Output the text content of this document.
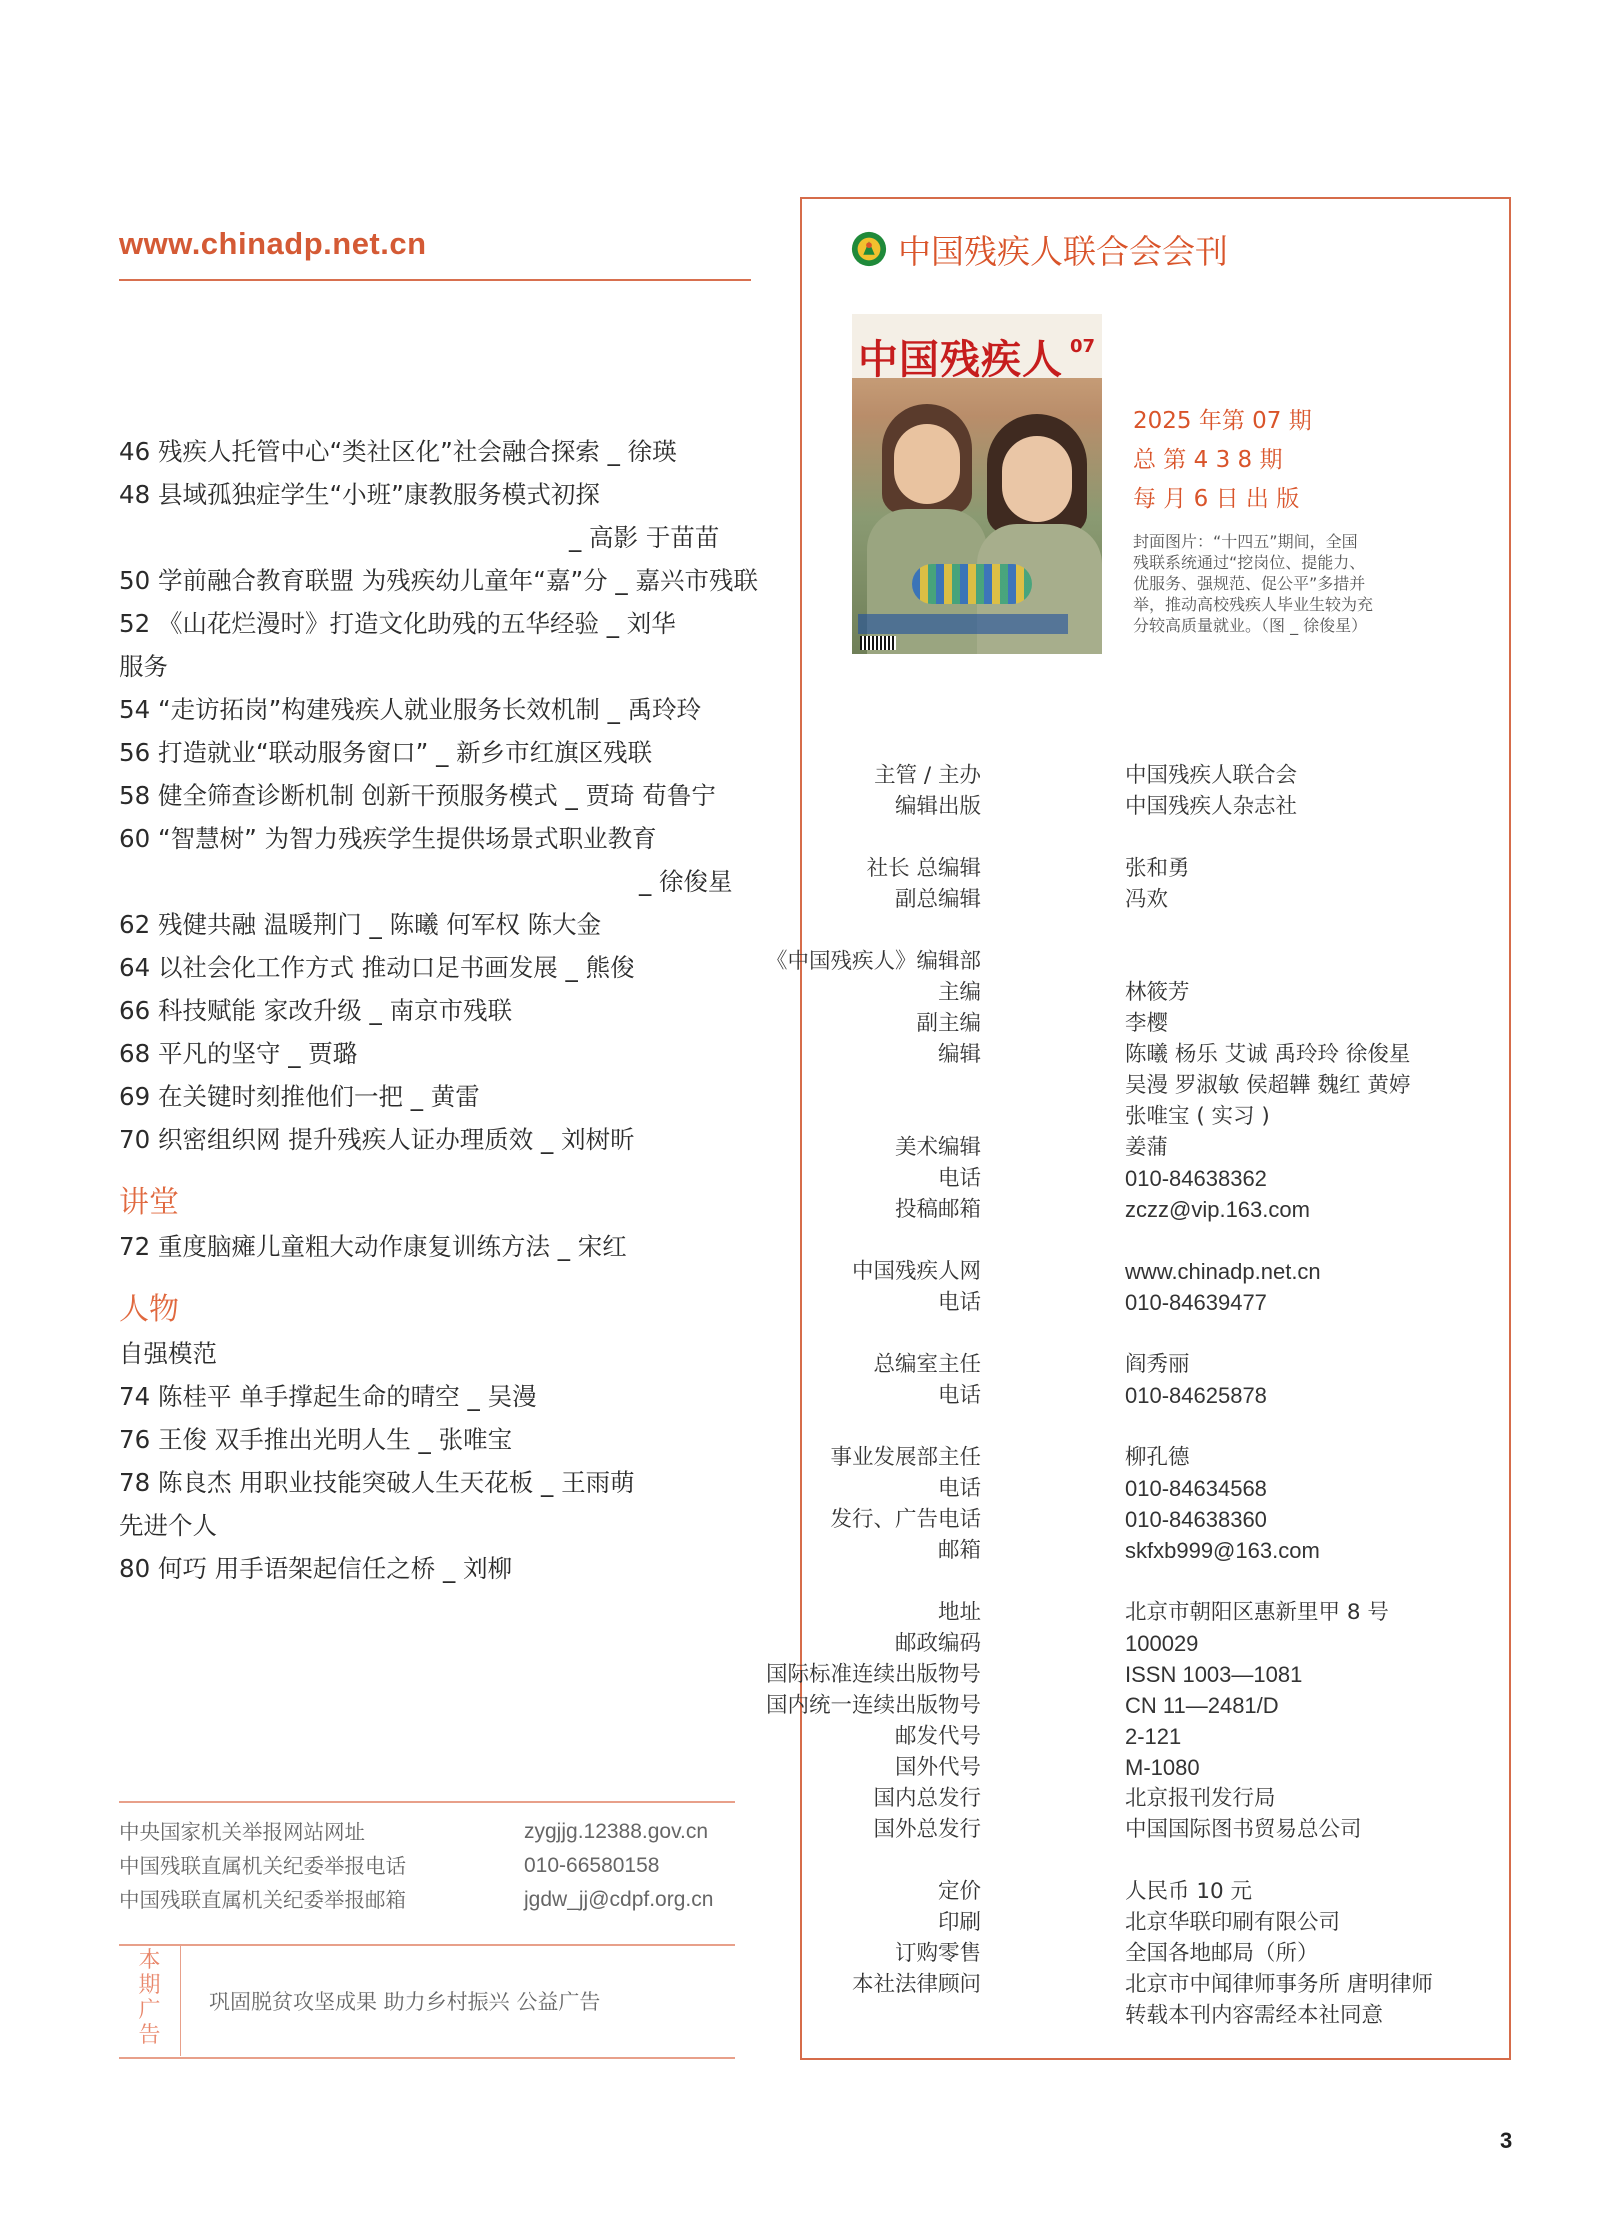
www.chinadp.net.cn
46 残疾人托管中心“类社区化”社会融合探索 _ 徐瑛
48 县域孤独症学生“小班”康教服务模式初探
_ 高影 于苗苗
50 学前融合教育联盟 为残疾幼儿童年“嘉”分 _ 嘉兴市残联
52 《山花烂漫时》打造文化助残的五华经验 _ 刘华
服务
54 “走访拓岗”构建残疾人就业服务长效机制 _ 禹玲玲
56 打造就业“联动服务窗口” _ 新乡市红旗区残联
58 健全筛查诊断机制 创新干预服务模式 _ 贾琦 荀鲁宁
60 “智慧树” 为智力残疾学生提供场景式职业教育
_ 徐俊星
62 残健共融 温暖荆门 _ 陈曦 何军权 陈大金
64 以社会化工作方式 推动口足书画发展 _ 熊俊
66 科技赋能 家改升级 _ 南京市残联
68 平凡的坚守 _ 贾璐
69 在关键时刻推他们一把 _ 黄雷
70 织密组织网 提升残疾人证办理质效 _ 刘树昕
讲堂
72 重度脑瘫儿童粗大动作康复训练方法 _ 宋红
人物
自强模范
74 陈桂平 单手撑起生命的晴空 _ 吴漫
76 王俊 双手推出光明人生 _ 张唯宝
78 陈良杰 用职业技能突破人生天花板 _ 王雨萌
先进个人
80 何巧 用手语架起信任之桥 _ 刘柳
中央国家机关举报网站网址	zygjjg.12388.gov.cn
中国残联直属机关纪委举报电话	010-66580158
中国残联直属机关纪委举报邮箱	jgdw_jj@cdpf.org.cn
本
期
广
告
巩固脱贫攻坚成果 助力乡村振兴 公益广告
中国残疾人联合会会刊
中国残疾人 07
2025 年第 07 期
总 第 4 3 8 期
每 月 6 日 出 版
封面图片：“十四五”期间，全国残联系统通过“挖岗位、提能力、优服务、强规范、促公平”多措并举，推动高校残疾人毕业生较为充分较高质量就业。（图 _ 徐俊星）
主管 / 主办	中国残疾人联合会
编辑出版	中国残疾人杂志社
社长 总编辑	张和勇
副总编辑	冯欢
《中国残疾人》编辑部
主编	林筱芳
副主编	李樱
编辑	陈曦 杨乐 艾诚 禹玲玲 徐俊星
吴漫 罗淑敏 侯超韡 魏红 黄婷
张唯宝 ( 实习 )
美术编辑	姜蒲
电话	010-84638362
投稿邮箱	zczz@vip.163.com
中国残疾人网	www.chinadp.net.cn
电话	010-84639477
总编室主任	阎秀丽
电话	010-84625878
事业发展部主任	柳孔德
电话	010-84634568
发行、广告电话	010-84638360
邮箱	skfxb999@163.com
地址	北京市朝阳区惠新里甲 8 号
邮政编码	100029
国际标准连续出版物号	ISSN 1003—1081
国内统一连续出版物号	CN 11—2481/D
邮发代号	2-121
国外代号	M-1080
国内总发行	北京报刊发行局
国外总发行	中国国际图书贸易总公司
定价	人民币 10 元
印刷	北京华联印刷有限公司
订购零售	全国各地邮局（所）
本社法律顾问	北京市中闻律师事务所 唐明律师
转载本刊内容需经本社同意
3
